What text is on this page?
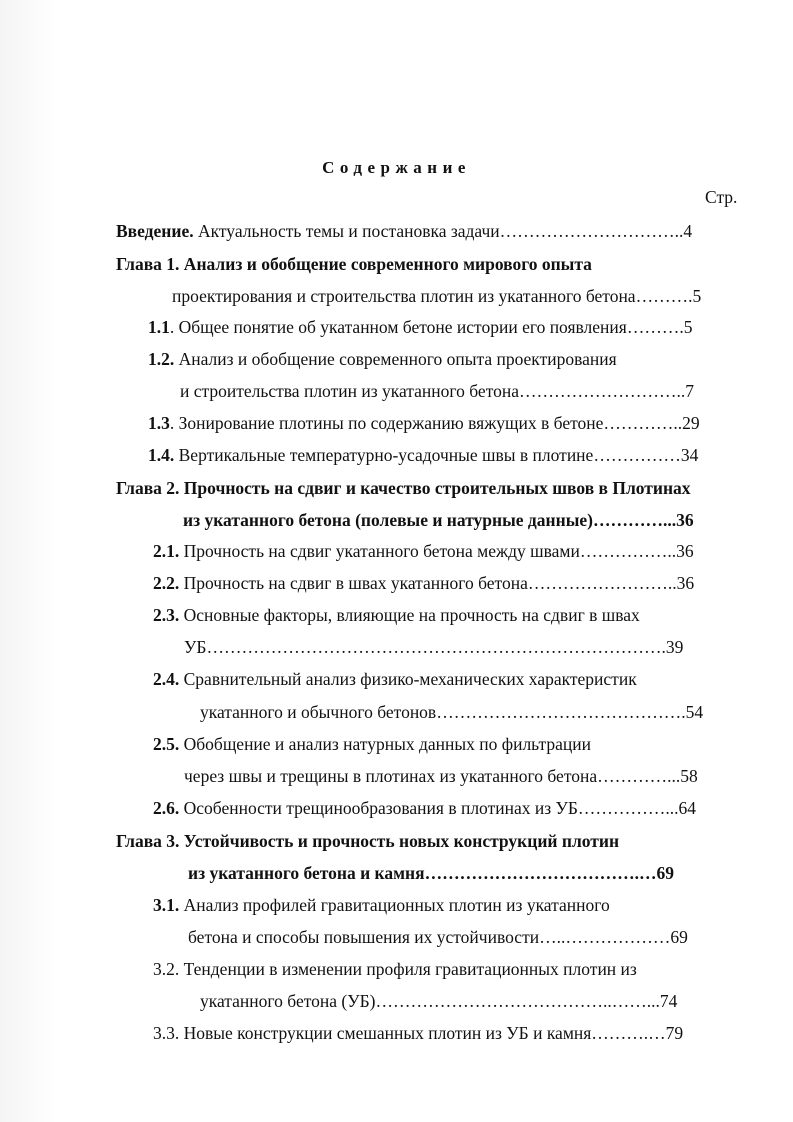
Содержание
Стр.
Введение. Актуальность темы и постановка задачи…………………………..4
Глава 1. Анализ и обобщение современного мирового опыта
проектирования и строительства плотин из укатанного бетона……….5
1.1. Общее понятие об укатанном бетоне истории его появления……….5
1.2. Анализ и обобщение современного опыта проектирования
и строительства плотин из укатанного бетона………………………..7
1.3. Зонирование плотины по содержанию вяжущих в бетоне…………..29
1.4. Вертикальные температурно-усадочные швы в плотине……………34
Глава 2. Прочность на сдвиг и качество строительных швов в Плотинах
из укатанного бетона (полевые и натурные данные)…………...36
2.1. Прочность на сдвиг укатанного бетона между швами……………..36
2.2. Прочность на сдвиг в швах укатанного бетона……………………..36
2.3. Основные факторы, влияющие на прочность на сдвиг в швах
УБ…………………………………………………………………….39
2.4. Сравнительный анализ физико-механических характеристик
укатанного и обычного бетонов…………………………………….54
2.5. Обобщение и анализ натурных данных по фильтрации
через швы и трещины в плотинах из укатанного бетона…………...58
2.6. Особенности трещинообразования в плотинах из УБ……………...64
Глава 3. Устойчивость и прочность новых конструкций плотин
из укатанного бетона и камня……………………………….…69
3.1. Анализ профилей гравитационных плотин из укатанного
бетона и способы повышения их устойчивости…..………………69
3.2. Тенденции в изменении профиля гравитационных плотин из
укатанного бетона (УБ)…………………………………..……...74
3.3. Новые конструкции смешанных плотин из УБ и камня……….…79
